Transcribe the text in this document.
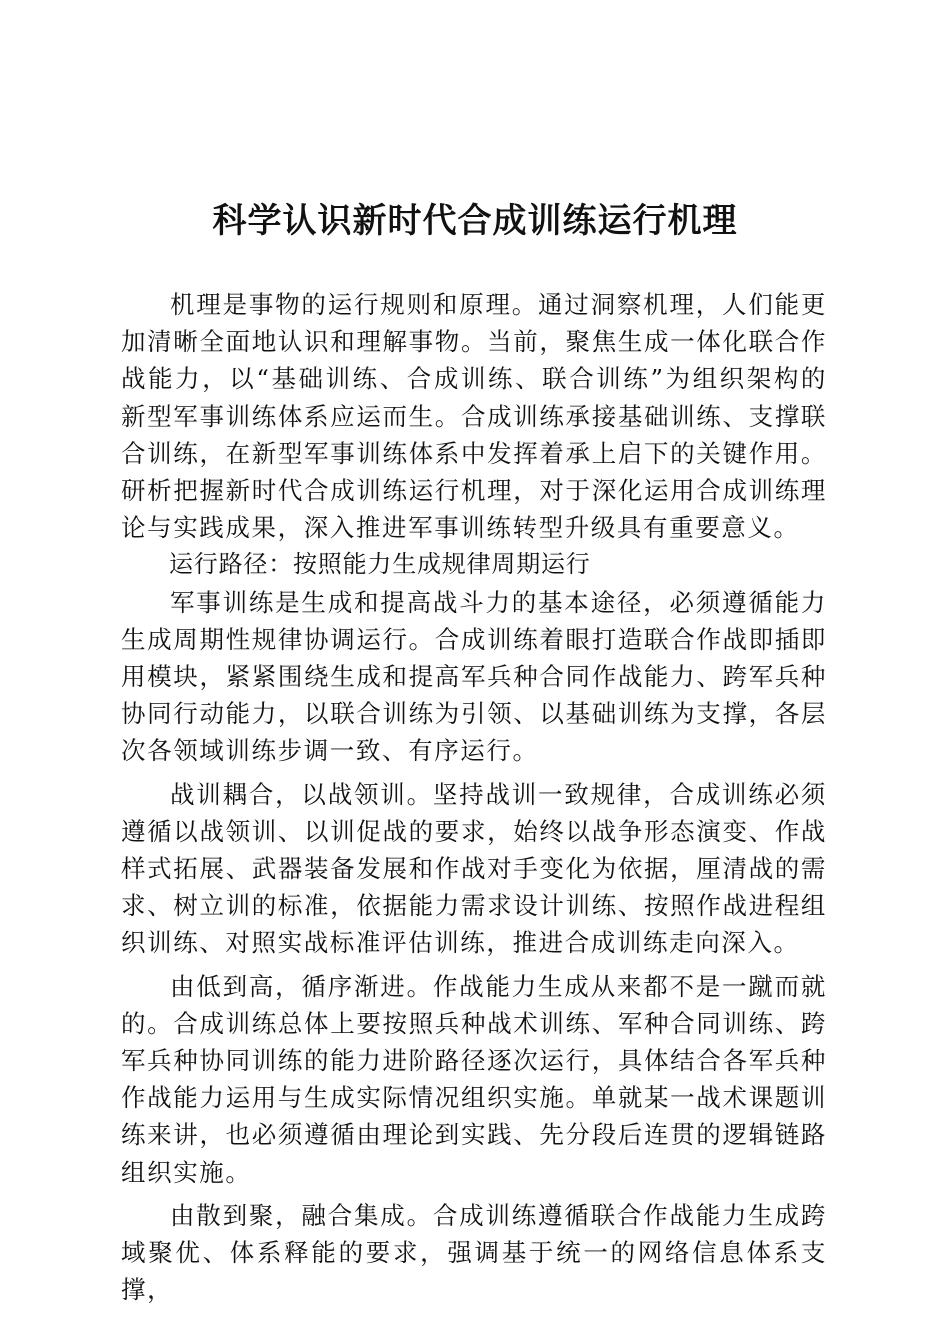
科学认识新时代合成训练运行机理

机理是事物的运行规则和原理。通过洞察机理，人们能更加清晰全面地认识和理解事物。当前，聚焦生成一体化联合作战能力，以“基础训练、合成训练、联合训练”为组织架构的新型军事训练体系应运而生。合成训练承接基础训练、支撑联合训练，在新型军事训练体系中发挥着承上启下的关键作用。研析把握新时代合成训练运行机理，对于深化运用合成训练理论与实践成果，深入推进军事训练转型升级具有重要意义。

运行路径：按照能力生成规律周期运行

军事训练是生成和提高战斗力的基本途径，必须遵循能力生成周期性规律协调运行。合成训练着眼打造联合作战即插即用模块，紧紧围绕生成和提高军兵种合同作战能力、跨军兵种协同行动能力，以联合训练为引领、以基础训练为支撑，各层次各领域训练步调一致、有序运行。

战训耦合，以战领训。坚持战训一致规律，合成训练必须遵循以战领训、以训促战的要求，始终以战争形态演变、作战样式拓展、武器装备发展和作战对手变化为依据，厘清战的需求、树立训的标准，依据能力需求设计训练、按照作战进程组织训练、对照实战标准评估训练，推进合成训练走向深入。

由低到高，循序渐进。作战能力生成从来都不是一蹴而就的。合成训练总体上要按照兵种战术训练、军种合同训练、跨军兵种协同训练的能力进阶路径逐次运行，具体结合各军兵种作战能力运用与生成实际情况组织实施。单就某一战术课题训练来讲，也必须遵循由理论到实践、先分段后连贯的逻辑链路组织实施。

由散到聚，融合集成。合成训练遵循联合作战能力生成跨域聚优、体系释能的要求，强调基于统一的网络信息体系支撑，
